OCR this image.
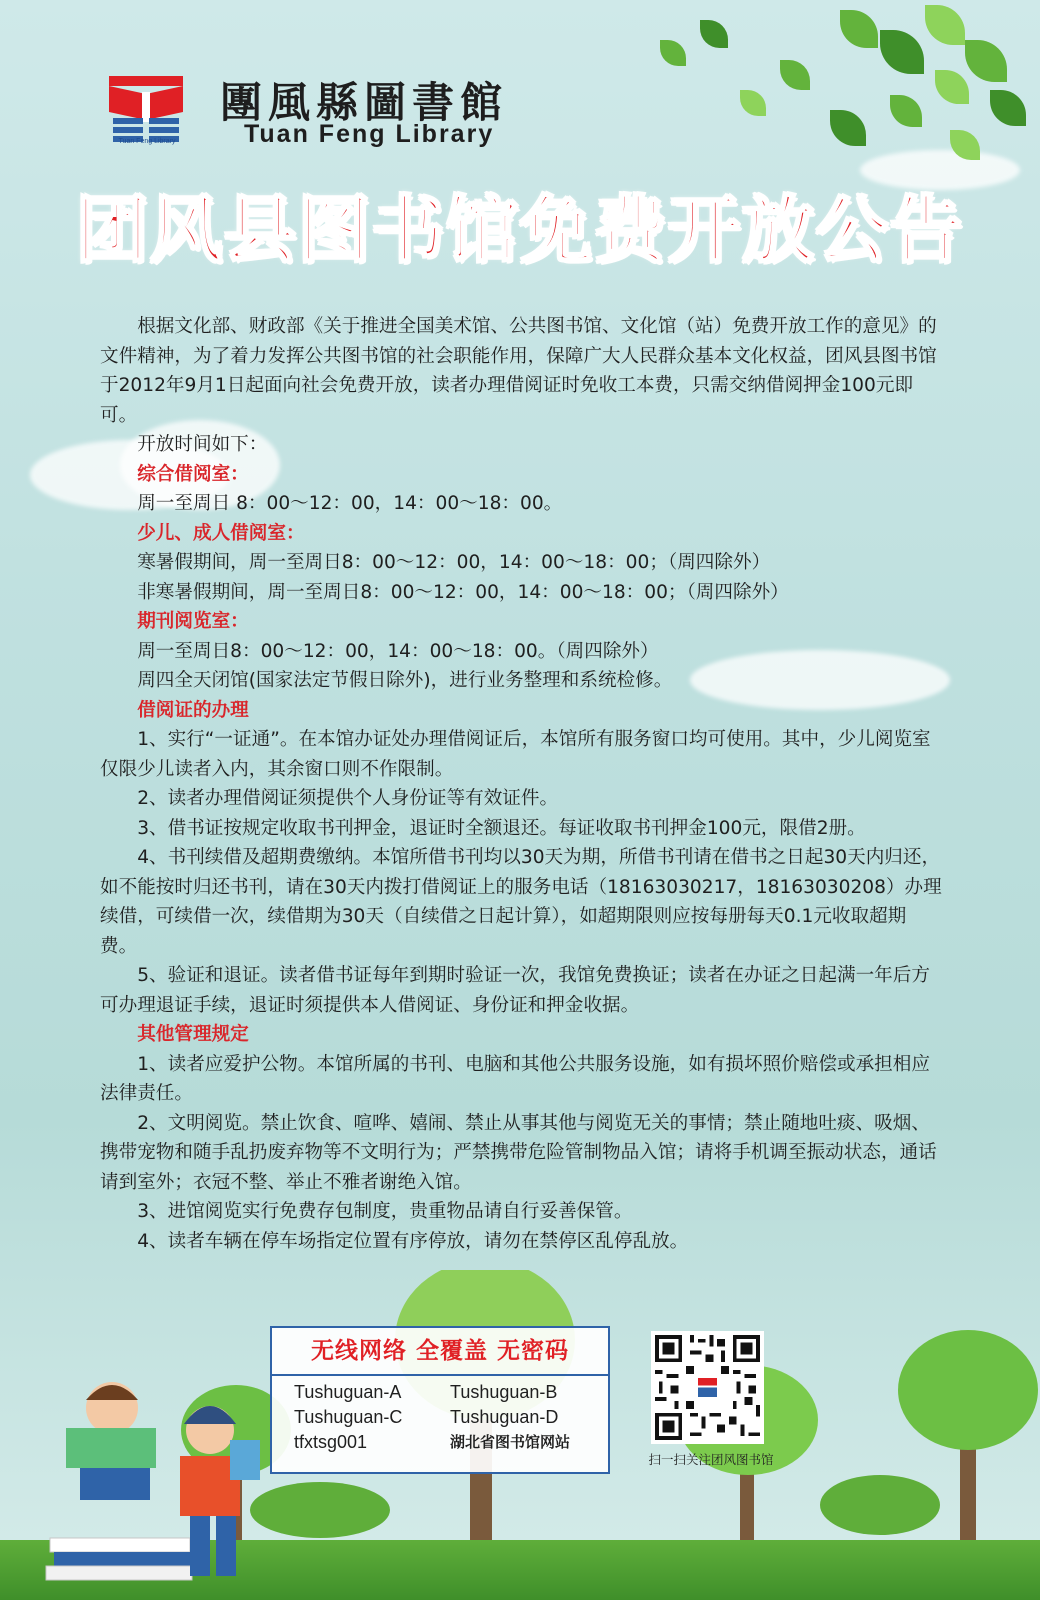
Tuan Feng Library
團風縣圖書館
Tuan Feng Library
团风县图书馆免费开放公告

根据文化部、财政部《关于推进全国美术馆、公共图书馆、文化馆（站）免费开放工作的意见》的文件精神，为了着力发挥公共图书馆的社会职能作用，保障广大人民群众基本文化权益，团风县图书馆于2012年9月1日起面向社会免费开放，读者办理借阅证时免收工本费，只需交纳借阅押金100元即可。

开放时间如下：

综合借阅室：

周一至周日 8：00～12：00，14：00～18：00。

少儿、成人借阅室：

寒暑假期间，周一至周日8：00～12：00，14：00～18：00；（周四除外）

非寒暑假期间，周一至周日8：00～12：00，14：00～18：00；（周四除外）

期刊阅览室：

周一至周日8：00～12：00，14：00～18：00。（周四除外）

周四全天闭馆(国家法定节假日除外)，进行业务整理和系统检修。

借阅证的办理

1、实行“一证通”。在本馆办证处办理借阅证后，本馆所有服务窗口均可使用。其中，少儿阅览室仅限少儿读者入内，其余窗口则不作限制。

2、读者办理借阅证须提供个人身份证等有效证件。

3、借书证按规定收取书刊押金，退证时全额退还。每证收取书刊押金100元，限借2册。

4、书刊续借及超期费缴纳。本馆所借书刊均以30天为期，所借书刊请在借书之日起30天内归还，如不能按时归还书刊，请在30天内拨打借阅证上的服务电话（18163030217，18163030208）办理续借，可续借一次，续借期为30天（自续借之日起计算），如超期限则应按每册每天0.1元收取超期费。

5、验证和退证。读者借书证每年到期时验证一次，我馆免费换证；读者在办证之日起满一年后方可办理退证手续，退证时须提供本人借阅证、身份证和押金收据。

其他管理规定

1、读者应爱护公物。本馆所属的书刊、电脑和其他公共服务设施，如有损坏照价赔偿或承担相应法律责任。

2、文明阅览。禁止饮食、喧哗、嬉闹、禁止从事其他与阅览无关的事情；禁止随地吐痰、吸烟、携带宠物和随手乱扔废弃物等不文明行为；严禁携带危险管制物品入馆；请将手机调至振动状态，通话请到室外；衣冠不整、举止不雅者谢绝入馆。

3、进馆阅览实行免费存包制度，贵重物品请自行妥善保管。

4、读者车辆在停车场指定位置有序停放，请勿在禁停区乱停乱放。

无线网络 全覆盖 无密码
Tushuguan-A	Tushuguan-B
Tushuguan-C	Tushuguan-D
tfxtsg001	湖北省图书馆网站
扫一扫关注团风图书馆
